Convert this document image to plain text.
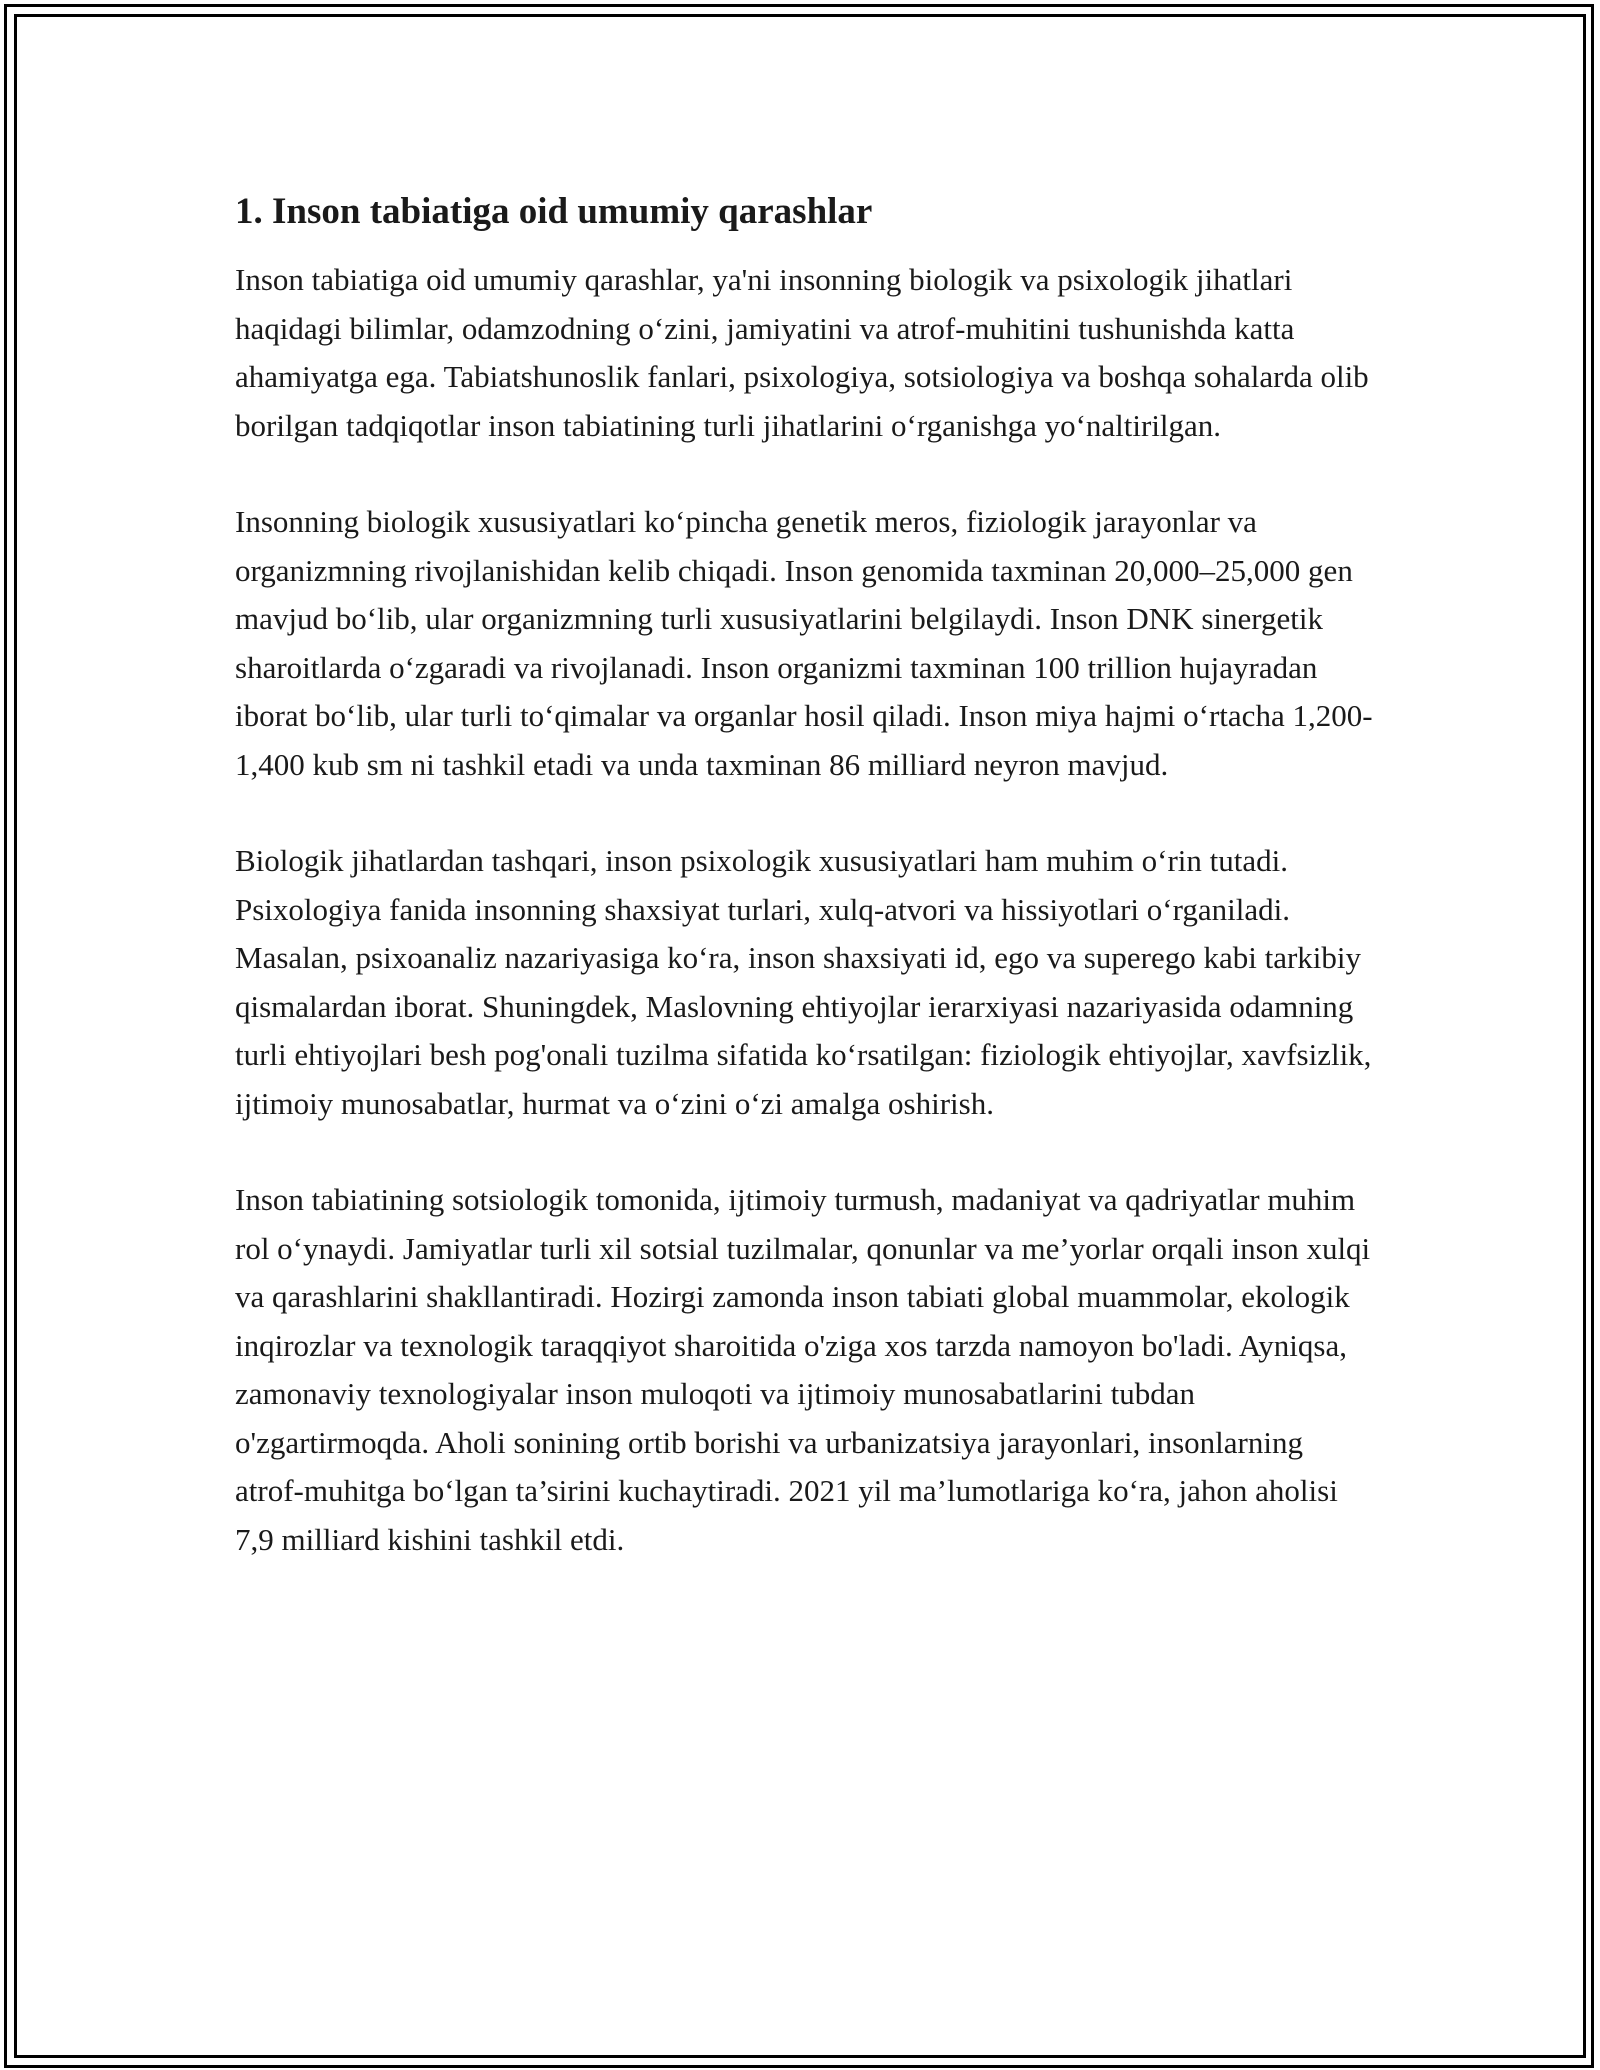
1. Inson tabiatiga oid umumiy qarashlar

Inson tabiatiga oid umumiy qarashlar, ya'ni insonning biologik va psixologik jihatlari haqidagi bilimlar, odamzodning o‘zini, jamiyatini va atrof-muhitini tushunishda katta ahamiyatga ega. Tabiatshunoslik fanlari, psixologiya, sotsiologiya va boshqa sohalarda olib borilgan tadqiqotlar inson tabiatining turli jihatlarini o‘rganishga yo‘naltirilgan.

Insonning biologik xususiyatlari ko‘pincha genetik meros, fiziologik jarayonlar va organizmning rivojlanishidan kelib chiqadi. Inson genomida taxminan 20,000–25,000 gen mavjud bo‘lib, ular organizmning turli xususiyatlarini belgilaydi. Inson DNK sinergetik sharoitlarda o‘zgaradi va rivojlanadi. Inson organizmi taxminan 100 trillion hujayradan iborat bo‘lib, ular turli to‘qimalar va organlar hosil qiladi. Inson miya hajmi o‘rtacha 1,200-1,400 kub sm ni tashkil etadi va unda taxminan 86 milliard neyron mavjud.

Biologik jihatlardan tashqari, inson psixologik xususiyatlari ham muhim o‘rin tutadi. Psixologiya fanida insonning shaxsiyat turlari, xulq-atvori va hissiyotlari o‘rganiladi. Masalan, psixoanaliz nazariyasiga ko‘ra, inson shaxsiyati id, ego va superego kabi tarkibiy qismalardan iborat. Shuningdek, Maslovning ehtiyojlar ierarxiyasi nazariyasida odamning turli ehtiyojlari besh pog'onali tuzilma sifatida ko‘rsatilgan: fiziologik ehtiyojlar, xavfsizlik, ijtimoiy munosabatlar, hurmat va o‘zini o‘zi amalga oshirish.

Inson tabiatining sotsiologik tomonida, ijtimoiy turmush, madaniyat va qadriyatlar muhim rol o‘ynaydi. Jamiyatlar turli xil sotsial tuzilmalar, qonunlar va me’yorlar orqali inson xulqi va qarashlarini shakllantiradi. Hozirgi zamonda inson tabiati global muammolar, ekologik inqirozlar va texnologik taraqqiyot sharoitida o'ziga xos tarzda namoyon bo'ladi. Ayniqsa, zamonaviy texnologiyalar inson muloqoti va ijtimoiy munosabatlarini tubdan o'zgartirmoqda. Aholi sonining ortib borishi va urbanizatsiya jarayonlari, insonlarning atrof-muhitga bo‘lgan ta’sirini kuchaytiradi. 2021 yil ma’lumotlariga ko‘ra, jahon aholisi 7,9 milliard kishini tashkil etdi.
